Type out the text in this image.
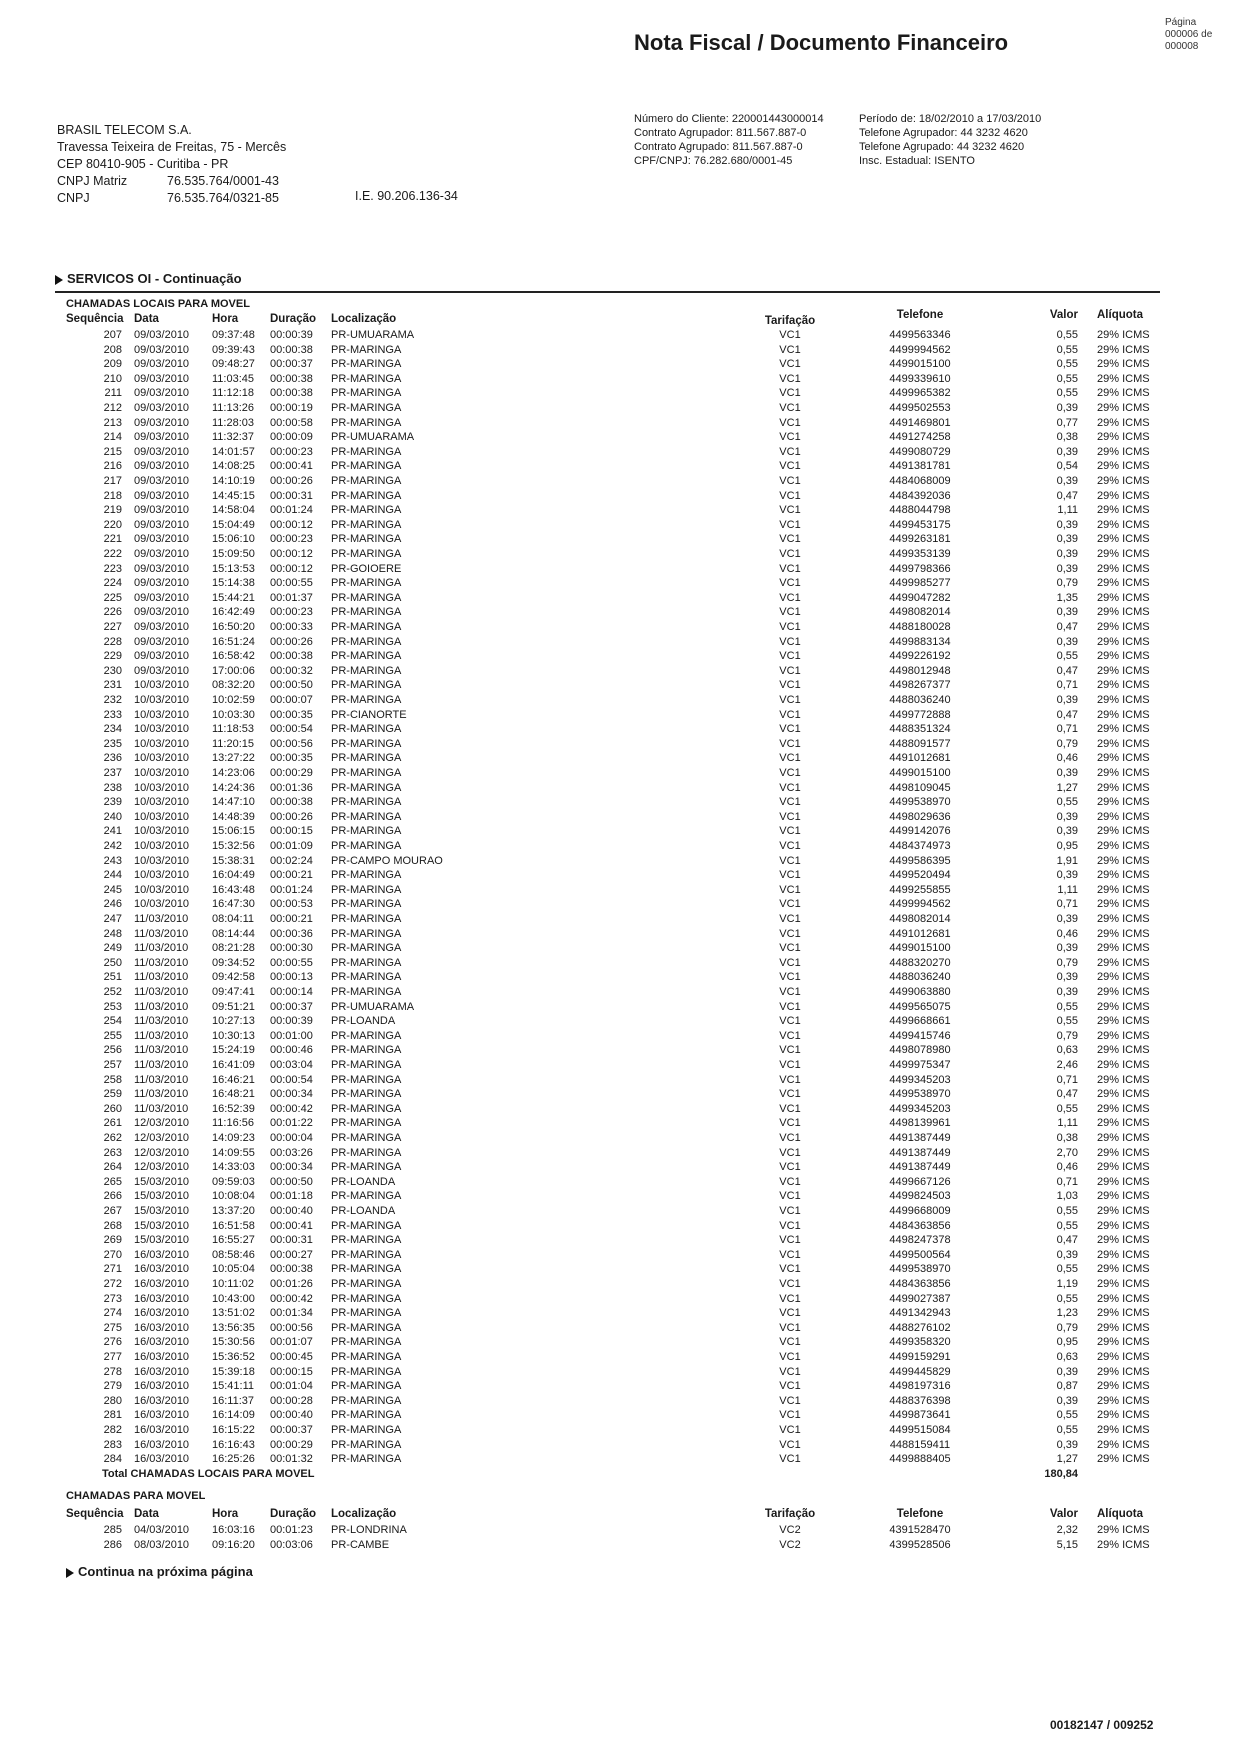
Nota Fiscal / Documento Financeiro
Página
000006 de
000008
BRASIL TELECOM S.A.
Travessa Teixeira de Freitas, 75 - Mercês
CEP 80410-905 - Curitiba - PR
CNPJ Matriz	76.535.764/0001-43
CNPJ	76.535.764/0321-85	I.E. 90.206.136-34
Número do Cliente: 220001443000014
Contrato Agrupador: 811.567.887-0
Contrato Agrupado: 811.567.887-0
CPF/CNPJ: 76.282.680/0001-45
Período de: 18/02/2010 a 17/03/2010
Telefone Agrupador: 44 3232 4620
Telefone Agrupado: 44 3232 4620
Insc. Estadual: ISENTO
SERVICOS OI - Continuação
CHAMADAS LOCAIS PARA MOVEL
Sequência Data	Hora	Duração Localização	Tarifação	Telefone	Valor Alíquota
207 09/03/2010 09:37:48 00:00:39 PR-UMUARAMA	VC1	4499563346	0,55 29% ICMS
208 09/03/2010 09:39:43 00:00:38 PR-MARINGA	VC1	4499994562	0,55 29% ICMS
209 09/03/2010 09:48:27 00:00:37 PR-MARINGA	VC1	4499015100	0,55 29% ICMS
210 09/03/2010 11:03:45 00:00:38 PR-MARINGA	VC1	4499339610	0,55 29% ICMS
211 09/03/2010 11:12:18 00:00:38 PR-MARINGA	VC1	4499965382	0,55 29% ICMS
212 09/03/2010 11:13:26 00:00:19 PR-MARINGA	VC1	4499502553	0,39 29% ICMS
213 09/03/2010 11:28:03 00:00:58 PR-MARINGA	VC1	4491469801	0,77 29% ICMS
214 09/03/2010 11:32:37 00:00:09 PR-UMUARAMA	VC1	4491274258	0,38 29% ICMS
215 09/03/2010 14:01:57 00:00:23 PR-MARINGA	VC1	4499080729	0,39 29% ICMS
216 09/03/2010 14:08:25 00:00:41 PR-MARINGA	VC1	4491381781	0,54 29% ICMS
217 09/03/2010 14:10:19 00:00:26 PR-MARINGA	VC1	4484068009	0,39 29% ICMS
218 09/03/2010 14:45:15 00:00:31 PR-MARINGA	VC1	4484392036	0,47 29% ICMS
219 09/03/2010 14:58:04 00:01:24 PR-MARINGA	VC1	4488044798	1,11 29% ICMS
220 09/03/2010 15:04:49 00:00:12 PR-MARINGA	VC1	4499453175	0,39 29% ICMS
221 09/03/2010 15:06:10 00:00:23 PR-MARINGA	VC1	4499263181	0,39 29% ICMS
222 09/03/2010 15:09:50 00:00:12 PR-MARINGA	VC1	4499353139	0,39 29% ICMS
223 09/03/2010 15:13:53 00:00:12 PR-GOIOERE	VC1	4499798366	0,39 29% ICMS
224 09/03/2010 15:14:38 00:00:55 PR-MARINGA	VC1	4499985277	0,79 29% ICMS
225 09/03/2010 15:44:21 00:01:37 PR-MARINGA	VC1	4499047282	1,35 29% ICMS
226 09/03/2010 16:42:49 00:00:23 PR-MARINGA	VC1	4498082014	0,39 29% ICMS
227 09/03/2010 16:50:20 00:00:33 PR-MARINGA	VC1	4488180028	0,47 29% ICMS
228 09/03/2010 16:51:24 00:00:26 PR-MARINGA	VC1	4499883134	0,39 29% ICMS
229 09/03/2010 16:58:42 00:00:38 PR-MARINGA	VC1	4499226192	0,55 29% ICMS
230 09/03/2010 17:00:06 00:00:32 PR-MARINGA	VC1	4498012948	0,47 29% ICMS
231 10/03/2010 08:32:20 00:00:50 PR-MARINGA	VC1	4498267377	0,71 29% ICMS
232 10/03/2010 10:02:59 00:00:07 PR-MARINGA	VC1	4488036240	0,39 29% ICMS
233 10/03/2010 10:03:30 00:00:35 PR-CIANORTE	VC1	4499772888	0,47 29% ICMS
234 10/03/2010 11:18:53 00:00:54 PR-MARINGA	VC1	4488351324	0,71 29% ICMS
235 10/03/2010 11:20:15 00:00:56 PR-MARINGA	VC1	4488091577	0,79 29% ICMS
236 10/03/2010 13:27:22 00:00:35 PR-MARINGA	VC1	4491012681	0,46 29% ICMS
237 10/03/2010 14:23:06 00:00:29 PR-MARINGA	VC1	4499015100	0,39 29% ICMS
238 10/03/2010 14:24:36 00:01:36 PR-MARINGA	VC1	4498109045	1,27 29% ICMS
239 10/03/2010 14:47:10 00:00:38 PR-MARINGA	VC1	4499538970	0,55 29% ICMS
240 10/03/2010 14:48:39 00:00:26 PR-MARINGA	VC1	4498029636	0,39 29% ICMS
241 10/03/2010 15:06:15 00:00:15 PR-MARINGA	VC1	4499142076	0,39 29% ICMS
242 10/03/2010 15:32:56 00:01:09 PR-MARINGA	VC1	4484374973	0,95 29% ICMS
243 10/03/2010 15:38:31 00:02:24 PR-CAMPO MOURAO	VC1	4499586395	1,91 29% ICMS
244 10/03/2010 16:04:49 00:00:21 PR-MARINGA	VC1	4499520494	0,39 29% ICMS
245 10/03/2010 16:43:48 00:01:24 PR-MARINGA	VC1	4499255855	1,11 29% ICMS
246 10/03/2010 16:47:30 00:00:53 PR-MARINGA	VC1	4499994562	0,71 29% ICMS
247 11/03/2010 08:04:11 00:00:21 PR-MARINGA	VC1	4498082014	0,39 29% ICMS
248 11/03/2010 08:14:44 00:00:36 PR-MARINGA	VC1	4491012681	0,46 29% ICMS
249 11/03/2010 08:21:28 00:00:30 PR-MARINGA	VC1	4499015100	0,39 29% ICMS
250 11/03/2010 09:34:52 00:00:55 PR-MARINGA	VC1	4488320270	0,79 29% ICMS
251 11/03/2010 09:42:58 00:00:13 PR-MARINGA	VC1	4488036240	0,39 29% ICMS
252 11/03/2010 09:47:41 00:00:14 PR-MARINGA	VC1	4499063880	0,39 29% ICMS
253 11/03/2010 09:51:21 00:00:37 PR-UMUARAMA	VC1	4499565075	0,55 29% ICMS
254 11/03/2010 10:27:13 00:00:39 PR-LOANDA	VC1	4499668661	0,55 29% ICMS
255 11/03/2010 10:30:13 00:01:00 PR-MARINGA	VC1	4499415746	0,79 29% ICMS
256 11/03/2010 15:24:19 00:00:46 PR-MARINGA	VC1	4498078980	0,63 29% ICMS
257 11/03/2010 16:41:09 00:03:04 PR-MARINGA	VC1	4499975347	2,46 29% ICMS
258 11/03/2010 16:46:21 00:00:54 PR-MARINGA	VC1	4499345203	0,71 29% ICMS
259 11/03/2010 16:48:21 00:00:34 PR-MARINGA	VC1	4499538970	0,47 29% ICMS
260 11/03/2010 16:52:39 00:00:42 PR-MARINGA	VC1	4499345203	0,55 29% ICMS
261 12/03/2010 11:16:56 00:01:22 PR-MARINGA	VC1	4498139961	1,11 29% ICMS
262 12/03/2010 14:09:23 00:00:04 PR-MARINGA	VC1	4491387449	0,38 29% ICMS
263 12/03/2010 14:09:55 00:03:26 PR-MARINGA	VC1	4491387449	2,70 29% ICMS
264 12/03/2010 14:33:03 00:00:34 PR-MARINGA	VC1	4491387449	0,46 29% ICMS
265 15/03/2010 09:59:03 00:00:50 PR-LOANDA	VC1	4499667126	0,71 29% ICMS
266 15/03/2010 10:08:04 00:01:18 PR-MARINGA	VC1	4499824503	1,03 29% ICMS
267 15/03/2010 13:37:20 00:00:40 PR-LOANDA	VC1	4499668009	0,55 29% ICMS
268 15/03/2010 16:51:58 00:00:41 PR-MARINGA	VC1	4484363856	0,55 29% ICMS
269 15/03/2010 16:55:27 00:00:31 PR-MARINGA	VC1	4498247378	0,47 29% ICMS
270 16/03/2010 08:58:46 00:00:27 PR-MARINGA	VC1	4499500564	0,39 29% ICMS
271 16/03/2010 10:05:04 00:00:38 PR-MARINGA	VC1	4499538970	0,55 29% ICMS
272 16/03/2010 10:11:02 00:01:26 PR-MARINGA	VC1	4484363856	1,19 29% ICMS
273 16/03/2010 10:43:00 00:00:42 PR-MARINGA	VC1	4499027387	0,55 29% ICMS
274 16/03/2010 13:51:02 00:01:34 PR-MARINGA	VC1	4491342943	1,23 29% ICMS
275 16/03/2010 13:56:35 00:00:56 PR-MARINGA	VC1	4488276102	0,79 29% ICMS
276 16/03/2010 15:30:56 00:01:07 PR-MARINGA	VC1	4499358320	0,95 29% ICMS
277 16/03/2010 15:36:52 00:00:45 PR-MARINGA	VC1	4499159291	0,63 29% ICMS
278 16/03/2010 15:39:18 00:00:15 PR-MARINGA	VC1	4499445829	0,39 29% ICMS
279 16/03/2010 15:41:11 00:01:04 PR-MARINGA	VC1	4498197316	0,87 29% ICMS
280 16/03/2010 16:11:37 00:00:28 PR-MARINGA	VC1	4488376398	0,39 29% ICMS
281 16/03/2010 16:14:09 00:00:40 PR-MARINGA	VC1	4499873641	0,55 29% ICMS
282 16/03/2010 16:15:22 00:00:37 PR-MARINGA	VC1	4499515084	0,55 29% ICMS
283 16/03/2010 16:16:43 00:00:29 PR-MARINGA	VC1	4488159411	0,39 29% ICMS
284 16/03/2010 16:25:26 00:01:32 PR-MARINGA	VC1	4499888405	1,27 29% ICMS
Total CHAMADAS LOCAIS PARA MOVEL	180,84
CHAMADAS PARA MOVEL
Sequência Data	Hora	Duração Localização	Tarifação	Telefone	Valor Alíquota
285 04/03/2010 16:03:16 00:01:23 PR-LONDRINA	VC2	4391528470	2,32 29% ICMS
286 08/03/2010 09:16:20 00:03:06 PR-CAMBE	VC2	4399528506	5,15 29% ICMS
Continua na próxima página
00182147 / 009252
